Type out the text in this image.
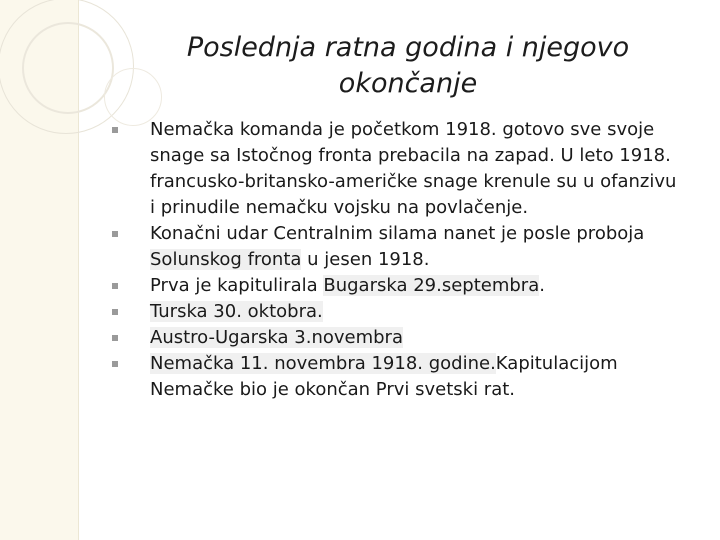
Poslednja ratna godina i njegovo
okončanje
Nemačka komanda je početkom 1918. gotovo sve svoje snage sa Istočnog fronta prebacila na zapad. U leto 1918. francusko-britansko-američke snage krenule su u ofanzivu i prinudile nemačku vojsku na povlačenje.
Konačni udar Centralnim silama nanet je posle proboja Solunskog fronta u jesen 1918.
Prva je kapitulirala Bugarska 29.septembra.
Turska 30. oktobra.
Austro-Ugarska 3.novembra
Nemačka 11. novembra 1918. godine.Kapitulacijom Nemačke bio je okončan Prvi svetski rat.
